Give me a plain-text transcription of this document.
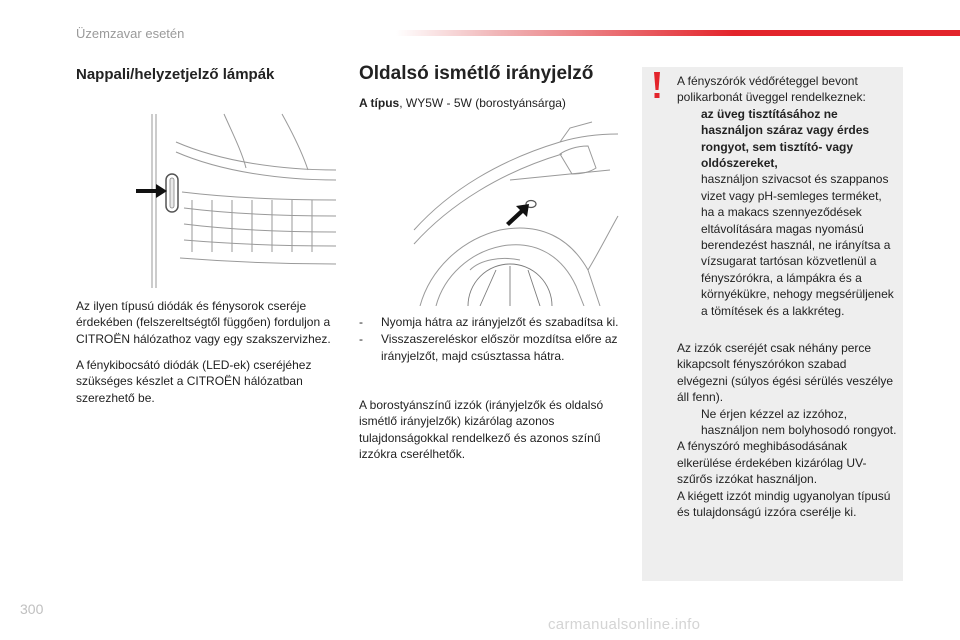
Üzemzavar esetén
Nappali/helyzetjelző lámpák

Az ilyen típusú diódák és fénysorok cseréje érdekében (felszereltségtől függően) forduljon a CITROËN hálózathoz vagy egy szakszervizhez.

A fénykibocsátó diódák (LED-ek) cseréjéhez szükséges készlet a CITROËN hálózatban szerezhető be.

Oldalsó ismétlő irányjelző
A típus, WY5W - 5W (borostyánsárga)
- Nyomja hátra az irányjelzőt és szabadítsa ki.
- Visszaszereléskor először mozdítsa előre az irányjelzőt, majd csúsztassa hátra.

A borostyánszínű izzók (irányjelzők és oldalsó ismétlő irányjelzők) kizárólag azonos tulajdonságokkal rendelkező és azonos színű izzókra cserélhetők.

A fényszórók védőréteggel bevont polikarbonát üveggel rendelkeznek:

az üveg tisztításához ne használjon száraz vagy érdes rongyot, sem tisztító- vagy oldószereket,
használjon szivacsot és szappanos vizet vagy pH-semleges terméket,
ha a makacs szennyeződések eltávolítására magas nyomású berendezést használ, ne irányítsa a vízsugarat tartósan közvetlenül a fényszórókra, a lámpákra és a környékükre, nehogy megsérüljenek a tömítések és a lakkréteg.

Az izzók cseréjét csak néhány perce kikapcsolt fényszórókon szabad elvégezni (súlyos égési sérülés veszélye áll fenn).

Ne érjen kézzel az izzóhoz, használjon nem bolyhosodó rongyot.

A fényszóró meghibásodásának elkerülése érdekében kizárólag UV-szűrős izzókat használjon.

A kiégett izzót mindig ugyanolyan típusú és tulajdonságú izzóra cserélje ki.

300
carmanualsonline.info
